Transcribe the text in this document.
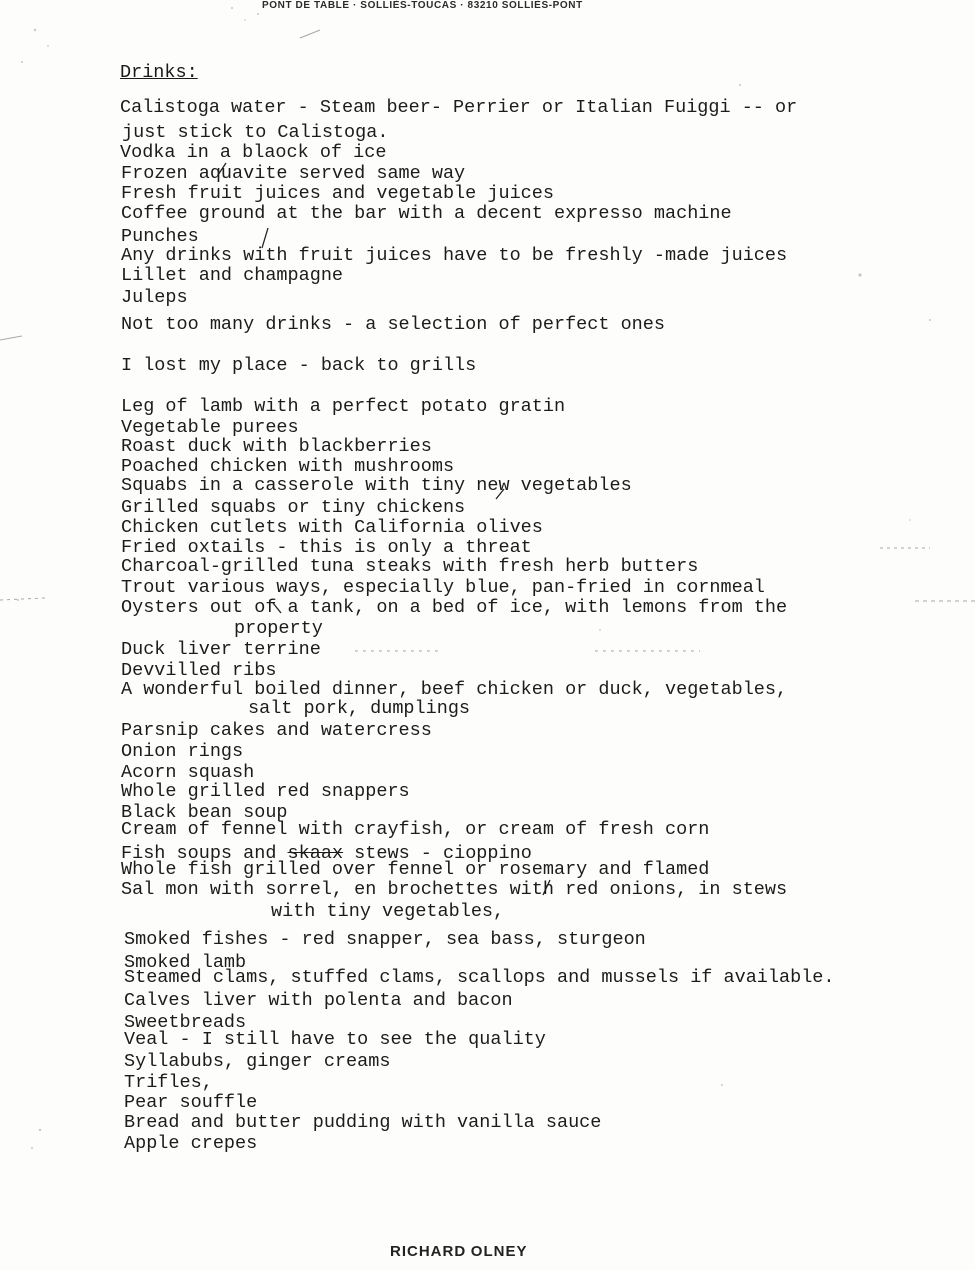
PONT DE TABLE · SOLLIÈS-TOUCAS · 83210 SOLLIÈS-PONT
Drinks:
Calistoga water - Steam beer- Perrier or Italian Fuiggi -- or
just stick to Calistoga.
Vodka in a blaock of ice
Frozen aquavite served same way
Fresh fruit juices and vegetable juices
Coffee ground at the bar with a decent expresso machine
Punches
Any drinks with fruit juices have to be freshly -made juices
Lillet and champagne
Juleps
Not too many drinks - a selection of perfect ones
I lost my place - back to grills
Leg of lamb with a perfect potato gratin
Vegetable purees
Roast duck with blackberries
Poached chicken with mushrooms
Squabs in a casserole with tiny new vegetables
Grilled squabs or tiny chickens
Chicken cutlets with California olives
Fried oxtails - this is only a threat
Charcoal-grilled tuna steaks with fresh herb butters
Trout various ways, especially blue, pan-fried in cornmeal
Oysters out of a tank, on a bed of ice, with lemons from the
property
Duck liver terrine
Devvilled ribs
A wonderful boiled dinner, beef chicken or duck, vegetables,
salt pork, dumplings
Parsnip cakes and watercress
Onion rings
Acorn squash
Whole grilled red snappers
Black bean soup
Cream of fennel with crayfish, or cream of fresh corn
Fish soups and skaax stews - cioppino
Whole fish grilled over fennel or rosemary and flamed
Sal mon with sorrel, en brochettes with red onions, in stews
with tiny vegetables,
Smoked fishes - red snapper, sea bass, sturgeon
Smoked lamb
Steamed clams, stuffed clams, scallops and mussels if available.
Calves liver with polenta and bacon
Sweetbreads
Veal - I still have to see the quality
Syllabubs, ginger creams
Trifles,
Pear souffle
Bread and butter pudding with vanilla sauce
Apple crepes
RICHARD OLNEY
